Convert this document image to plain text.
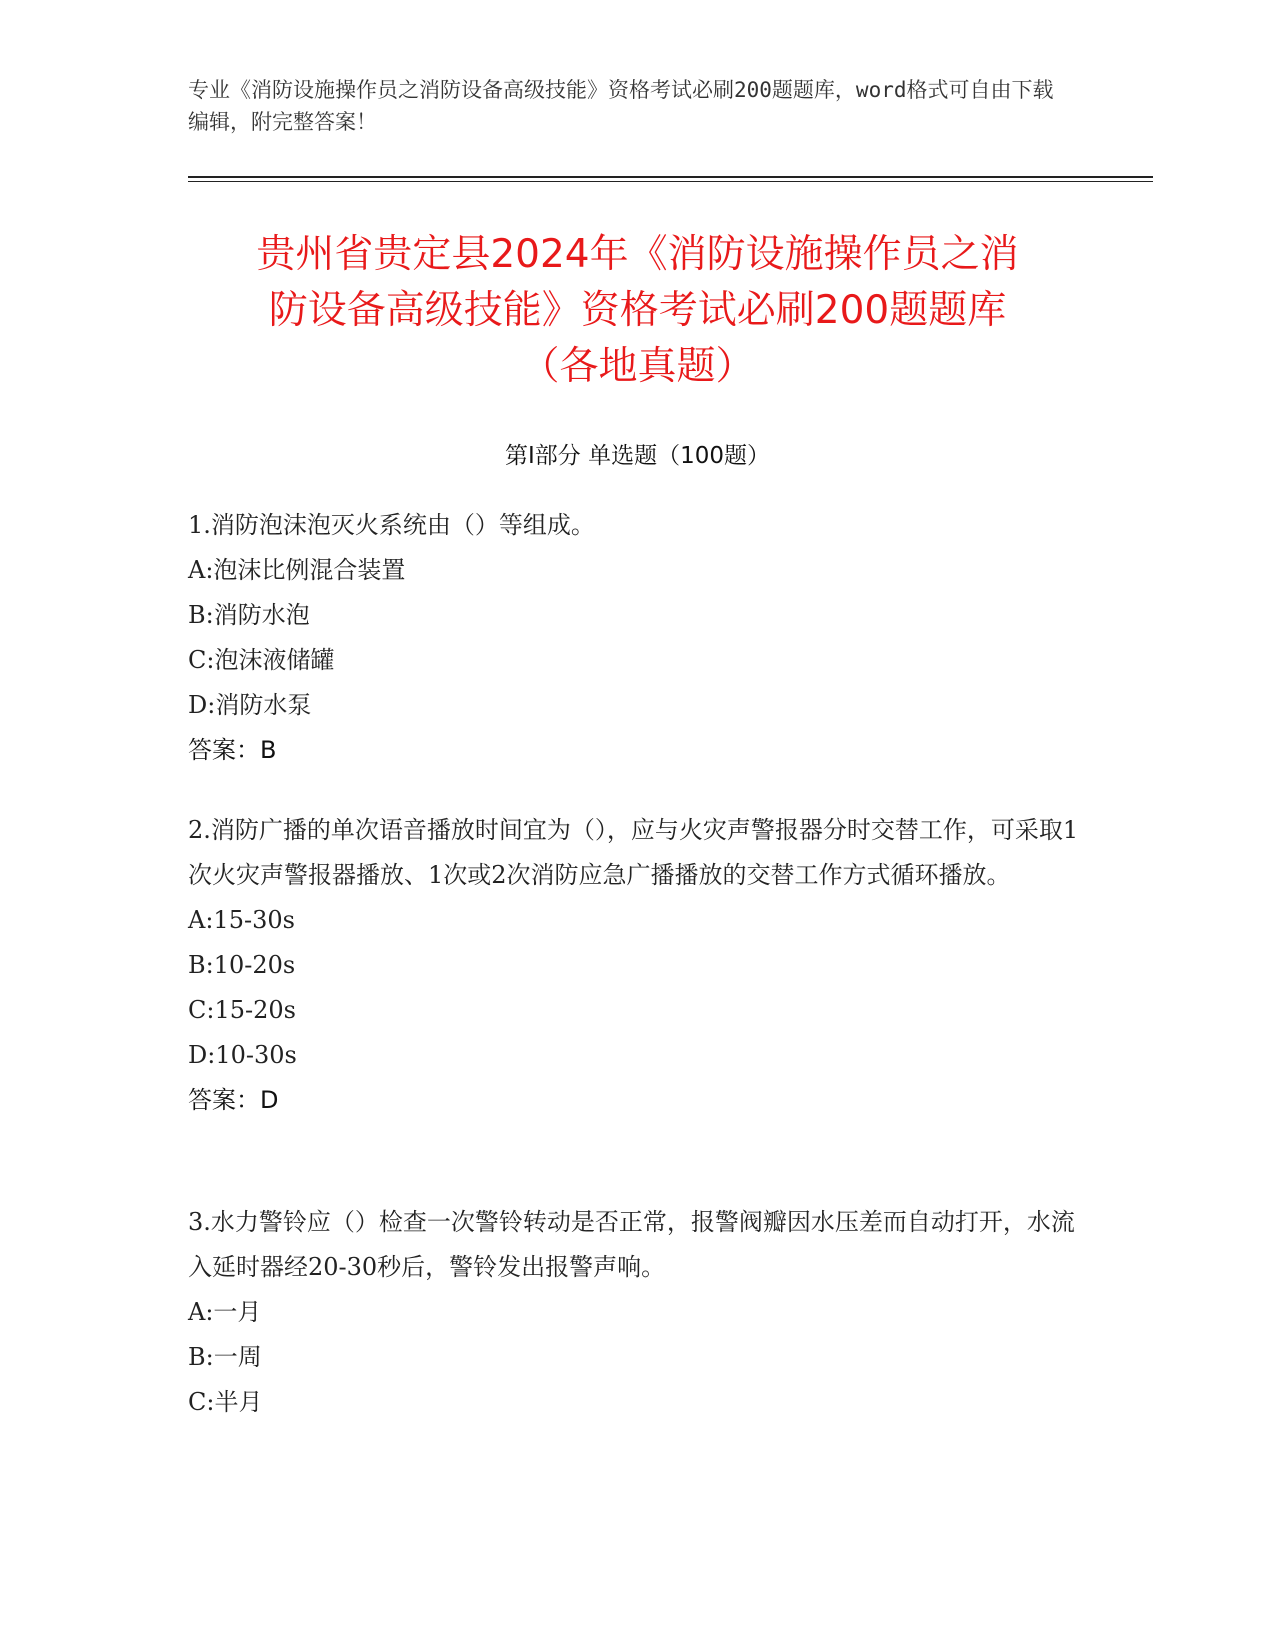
专业《消防设施操作员之消防设备高级技能》资格考试必刷200题题库，word格式可自由下载编辑，附完整答案！
贵州省贵定县2024年《消防设施操作员之消
防设备高级技能》资格考试必刷200题题库
（各地真题）
第Ⅰ部分 单选题（100题）

1.消防泡沫泡灭火系统由（）等组成。

A:泡沫比例混合装置

B:消防水泡

C:泡沫液储罐

D:消防水泵

答案：B

2.消防广播的单次语音播放时间宜为（），应与火灾声警报器分时交替工作，可采取1次火灾声警报器播放、1次或2次消防应急广播播放的交替工作方式循环播放。

A:15-30s

B:10-20s

C:15-20s

D:10-30s

答案：D

3.水力警铃应（）检查一次警铃转动是否正常，报警阀瓣因水压差而自动打开，水流入延时器经20-30秒后，警铃发出报警声响。

A:一月

B:一周

C:半月
